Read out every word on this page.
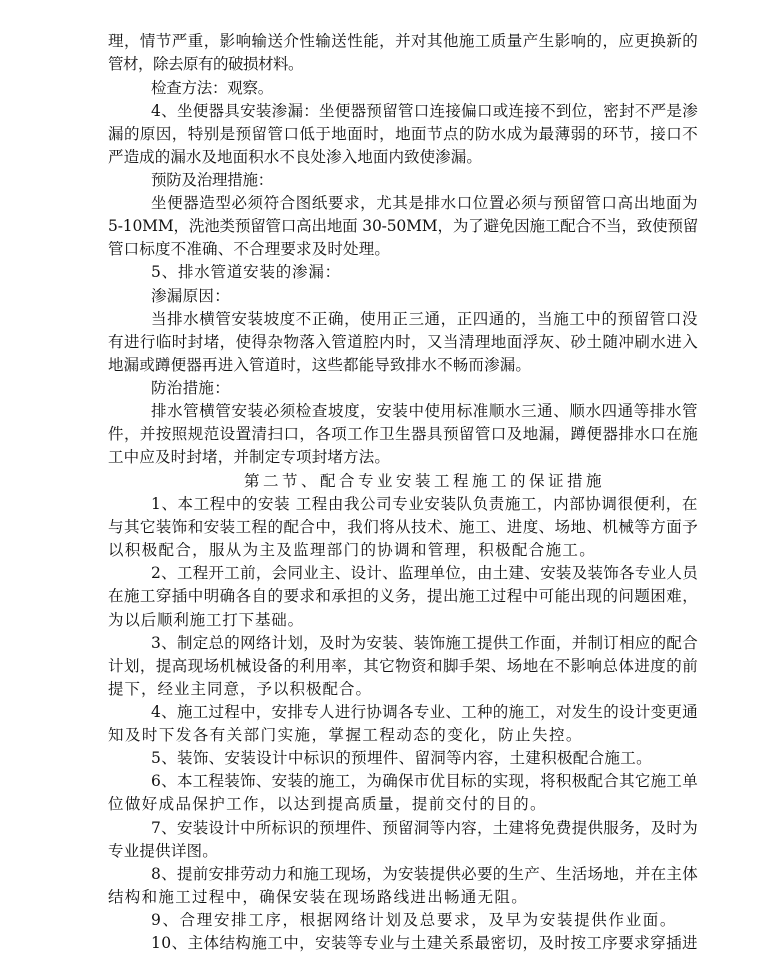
理，情节严重，影响输送介性输送性能，并对其他施工质量产生影响的，应更换新的
管材，除去原有的破损材料。
检查方法：观察。
4、坐便器具安装渗漏：坐便器预留管口连接偏口或连接不到位，密封不严是渗
漏的原因，特别是预留管口低于地面时，地面节点的防水成为最薄弱的环节，接口不
严造成的漏水及地面积水不良处渗入地面内致使渗漏。
预防及治理措施：
坐便器造型必须符合图纸要求，尤其是排水口位置必须与预留管口高出地面为
5-10MM，洗池类预留管口高出地面 30-50MM，为了避免因施工配合不当，致使预留
管口标度不准确、不合理要求及时处理。
5、排水管道安装的渗漏：
渗漏原因：
当排水横管安装坡度不正确，使用正三通，正四通的，当施工中的预留管口没
有进行临时封堵，使得杂物落入管道腔内时，又当清理地面浮灰、砂土随冲刷水进入
地漏或蹲便器再进入管道时，这些都能导致排水不畅而渗漏。
防治措施：
排水管横管安装必须检查坡度，安装中使用标准顺水三通、顺水四通等排水管
件，并按照规范设置清扫口，各项工作卫生器具预留管口及地漏，蹲便器排水口在施
工中应及时封堵，并制定专项封堵方法。
第二节、配合专业安装工程施工的保证措施
1、本工程中的安装 工程由我公司专业安装队负责施工，内部协调很便利，在
与其它装饰和安装工程的配合中，我们将从技术、施工、进度、场地、机械等方面予
以积极配合，服从为主及监理部门的协调和管理，积极配合施工。
2、工程开工前，会同业主、设计、监理单位，由土建、安装及装饰各专业人员
在施工穿插中明确各自的要求和承担的义务，提出施工过程中可能出现的问题困难，
为以后顺利施工打下基础。
3、制定总的网络计划，及时为安装、装饰施工提供工作面，并制订相应的配合
计划，提高现场机械设备的利用率，其它物资和脚手架、场地在不影响总体进度的前
提下，经业主同意，予以积极配合。
4、施工过程中，安排专人进行协调各专业、工种的施工，对发生的设计变更通
知及时下发各有关部门实施，掌握工程动态的变化，防止失控。
5、装饰、安装设计中标识的预埋件、留洞等内容，土建积极配合施工。
6、本工程装饰、安装的施工，为确保市优目标的实现，将积极配合其它施工单
位做好成品保护工作，以达到提高质量，提前交付的目的。
7、安装设计中所标识的预埋件、预留洞等内容，土建将免费提供服务，及时为
专业提供详图。
8、提前安排劳动力和施工现场，为安装提供必要的生产、生活场地，并在主体
结构和施工过程中，确保安装在现场路线进出畅通无阻。
9、合理安排工序，根据网络计划及总要求，及早为安装提供作业面。
10、主体结构施工中，安装等专业与土建关系最密切，及时按工序要求穿插进
